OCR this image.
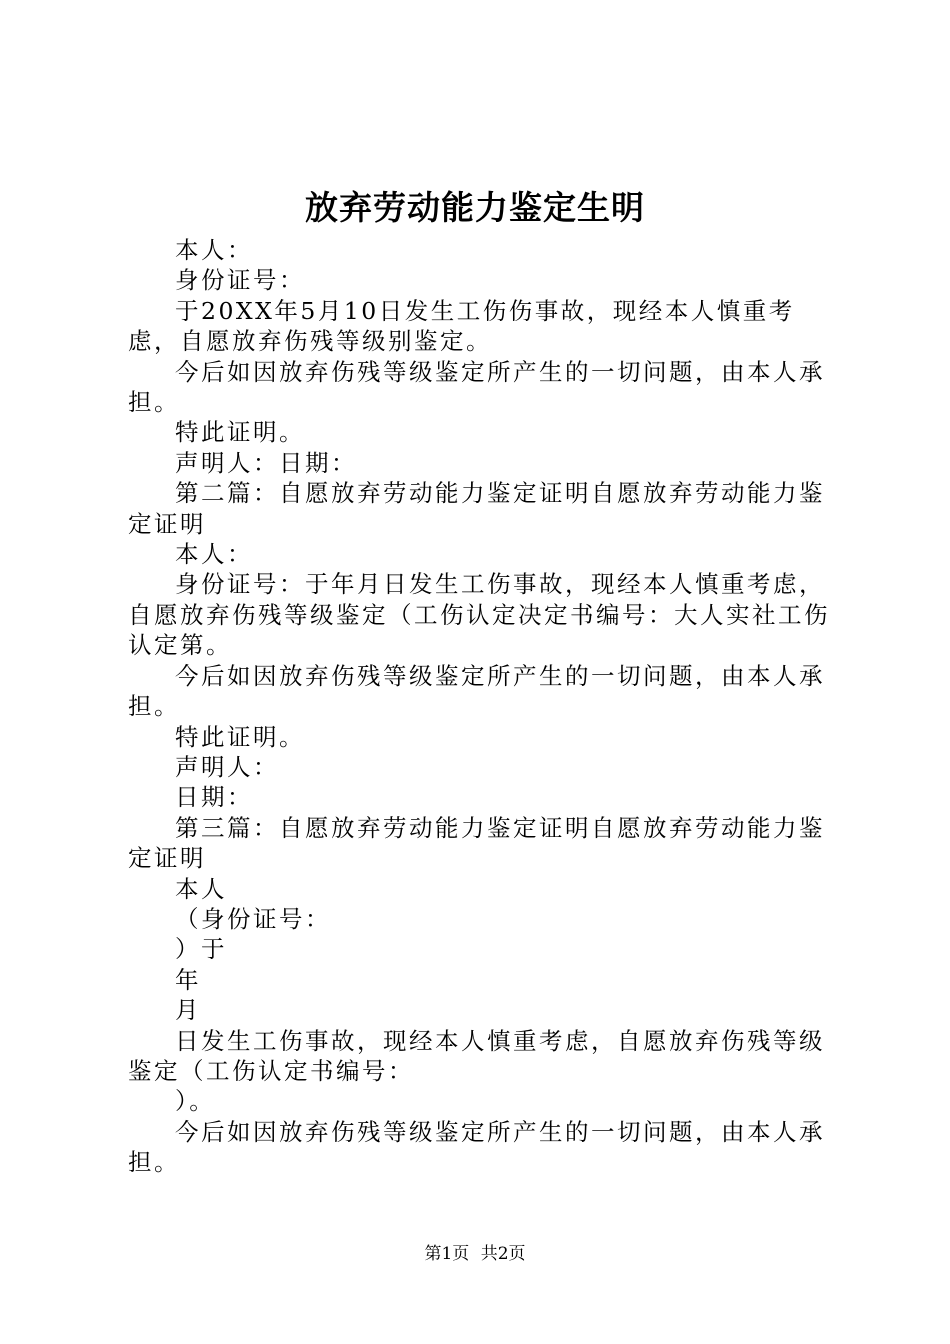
放弃劳动能力鉴定生明

本人：

身份证号：

于20XX年5月10日发生工伤伤事故，现经本人慎重考虑，自愿放弃伤残等级别鉴定。

今后如因放弃伤残等级鉴定所产生的一切问题，由本人承担。

特此证明。

声明人：日期：

第二篇：自愿放弃劳动能力鉴定证明自愿放弃劳动能力鉴定证明

本人：

身份证号：于年月日发生工伤事故，现经本人慎重考虑，自愿放弃伤残等级鉴定（工伤认定决定书编号：大人实社工伤认定第。

今后如因放弃伤残等级鉴定所产生的一切问题，由本人承担。

特此证明。

声明人：

日期：

第三篇：自愿放弃劳动能力鉴定证明自愿放弃劳动能力鉴定证明

本人

（身份证号：

）于

年

月

日发生工伤事故，现经本人慎重考虑，自愿放弃伤残等级鉴定（工伤认定书编号：

）。

今后如因放弃伤残等级鉴定所产生的一切问题，由本人承担。

第1页 共2页
